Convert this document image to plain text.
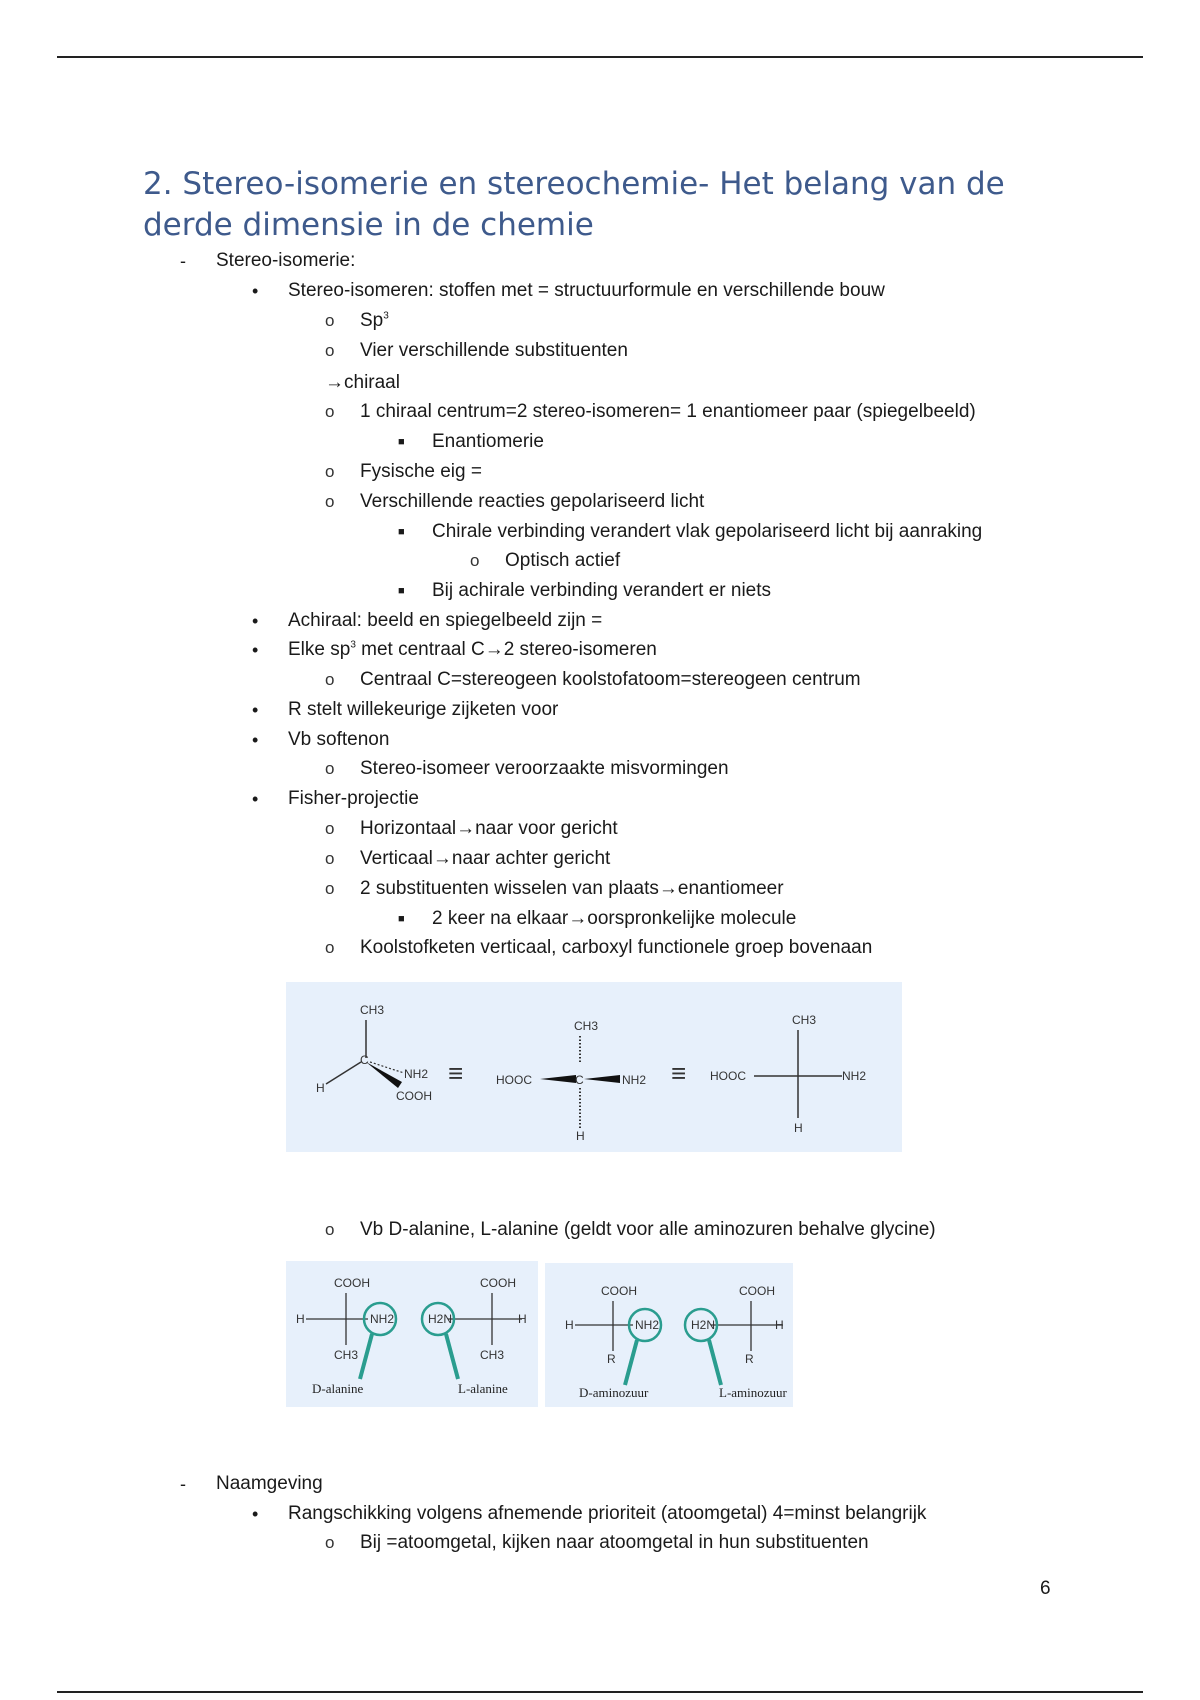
2. Stereo-isomerie en stereochemie- Het belang van de derde dimensie in de chemie
- Stereo-isomerie:
• Stereo-isomeren: stoffen met = structuurformule en verschillende bouw
o Sp$^3$
o Vier verschillende substituenten
→chiraal
o 1 chiraal centrum=2 stereo-isomeren= 1 enantiomeer paar (spiegelbeeld)
■ Enantiomerie
o Fysische eig =
o Verschillende reacties gepolariseerd licht
■ Chirale verbinding verandert vlak gepolariseerd licht bij aanraking
o Optisch actief
■ Bij achirale verbinding verandert er niets
• Achiraal: beeld en spiegelbeeld zijn =
• Elke $sp^3$ met centraal C→2 stereo-isomeren
o Centraal C=stereogeen koolstofatoom=stereogeen centrum
• R stelt willekeurige zijketen voor
• Vb softenon
o Stereo-isomeer veroorzaakte misvormingen
• Fisher-projectie
o Horizontaal→naar voor gericht
o Verticaal→naar achter gericht
o 2 substituenten wisselen van plaats→enantiomeer
■ 2 keer na elkaar→oorspronkelijke molecule
o Koolstofketen verticaal, carboxyl functionele groep bovenaan
CH3
C
H
NH2
COOH
≡
CH3
HOOC	C	NH2
H
≡
CH3
HOOC	NH2
H
o Vb D-alanine, L-alanine (geldt voor alle aminozuren behalve glycine)
COOH
H	NH2
CH3
D-alanine
COOH
H
H2N
CH3
L-alanine
COOH
H	NH2
R
D-aminozuur
COOH
H
H2N
R
L-aminozuur
- Naamgeving
• Rangschikking volgens afnemende prioriteit (atoomgetal) 4=minst belangrijk
o Bij =atoomgetal, kijken naar atoomgetal in hun substituenten
6
